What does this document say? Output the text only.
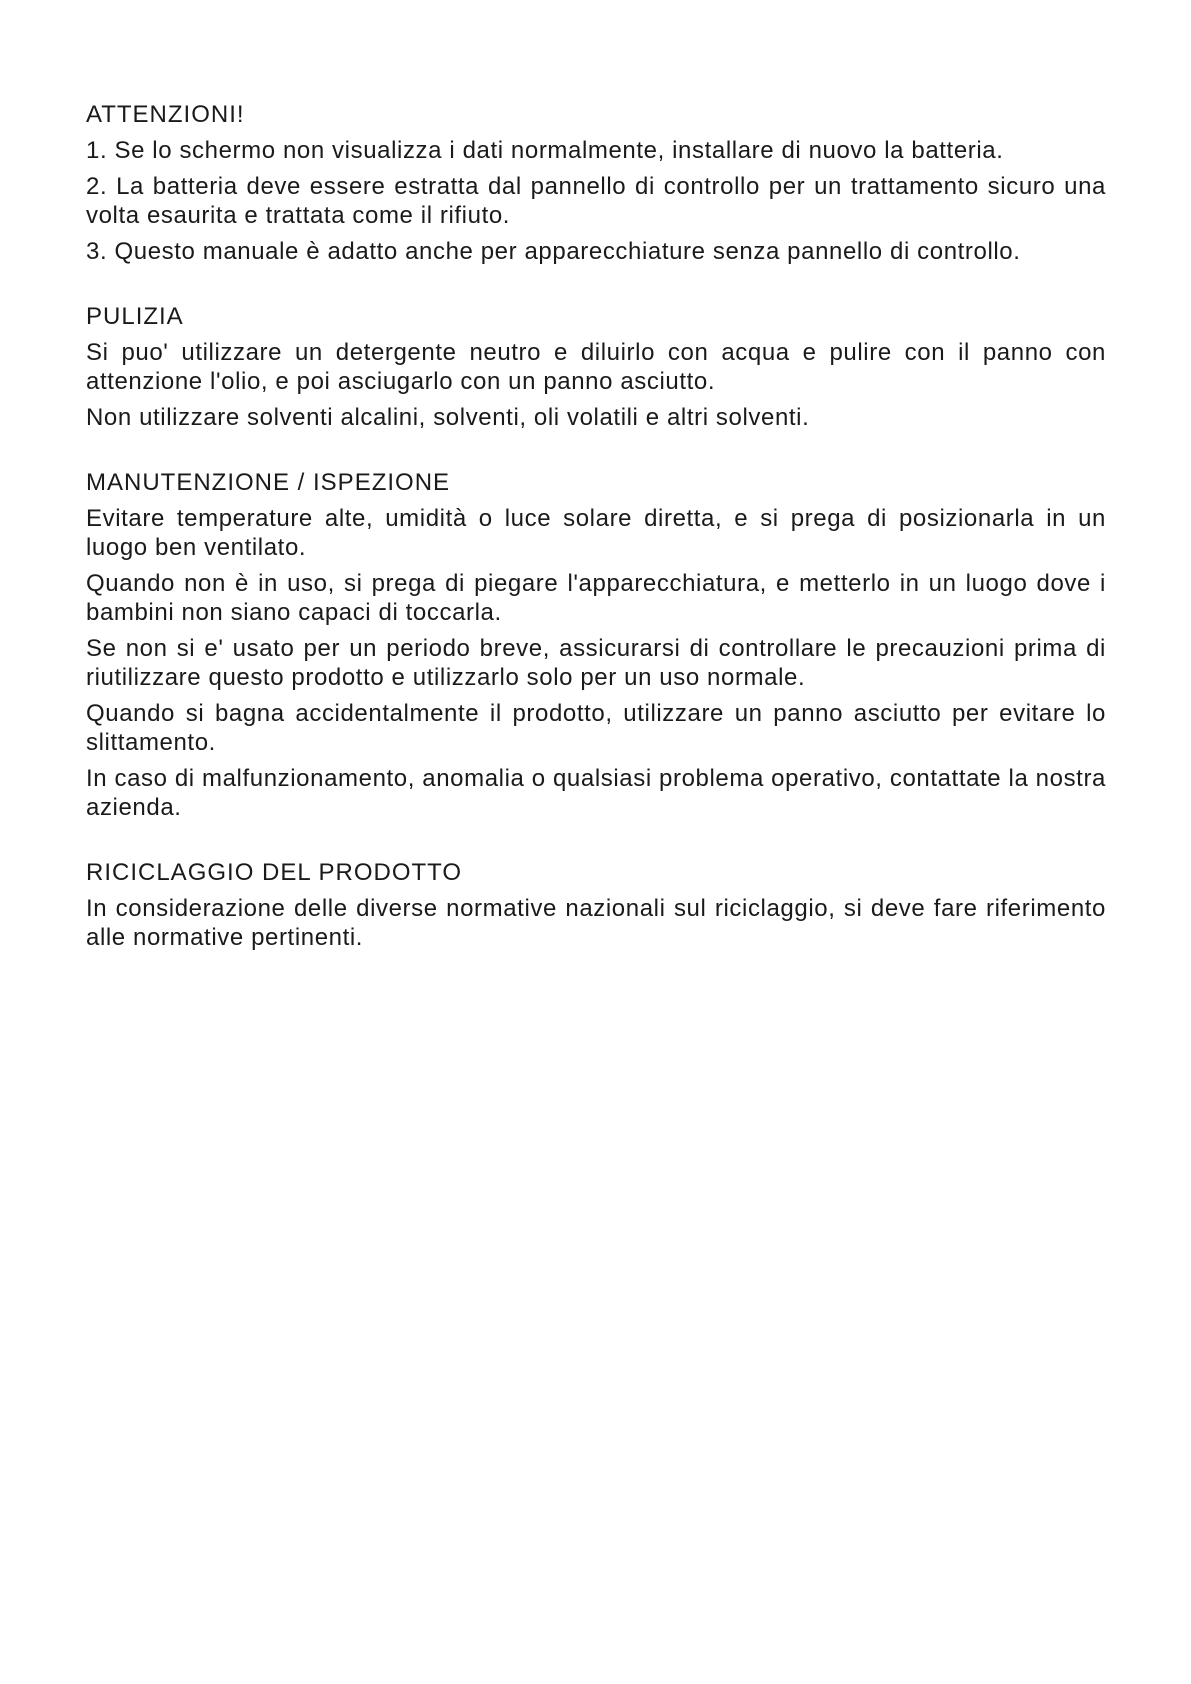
ATTENZIONI!
1. Se lo schermo non visualizza i dati normalmente, installare di nuovo la batteria.
2. La batteria deve essere estratta dal pannello di controllo per un trattamento sicuro una volta esaurita e trattata come il rifiuto.
3. Questo manuale è adatto anche per apparecchiature senza pannello di controllo.
PULIZIA
Si puo' utilizzare un detergente neutro e diluirlo con acqua e pulire con il panno con attenzione l'olio, e poi asciugarlo con un panno asciutto.
Non utilizzare solventi alcalini, solventi, oli volatili e altri solventi.
MANUTENZIONE / ISPEZIONE
Evitare temperature alte, umidità o luce solare diretta, e si prega di posizionarla in un luogo ben ventilato.
Quando non è in uso, si prega di piegare l'apparecchiatura, e metterlo in un luogo dove i bambini non siano capaci di toccarla.
Se non si e' usato per un periodo breve, assicurarsi di controllare le precauzioni prima di riutilizzare questo prodotto e utilizzarlo solo per un uso normale.
Quando si bagna accidentalmente il prodotto, utilizzare un panno asciutto per evitare lo slittamento.
In caso di malfunzionamento, anomalia o qualsiasi problema operativo, contattate la nostra azienda.
RICICLAGGIO DEL PRODOTTO
In considerazione delle diverse normative nazionali sul riciclaggio, si deve fare riferimento alle normative pertinenti.
